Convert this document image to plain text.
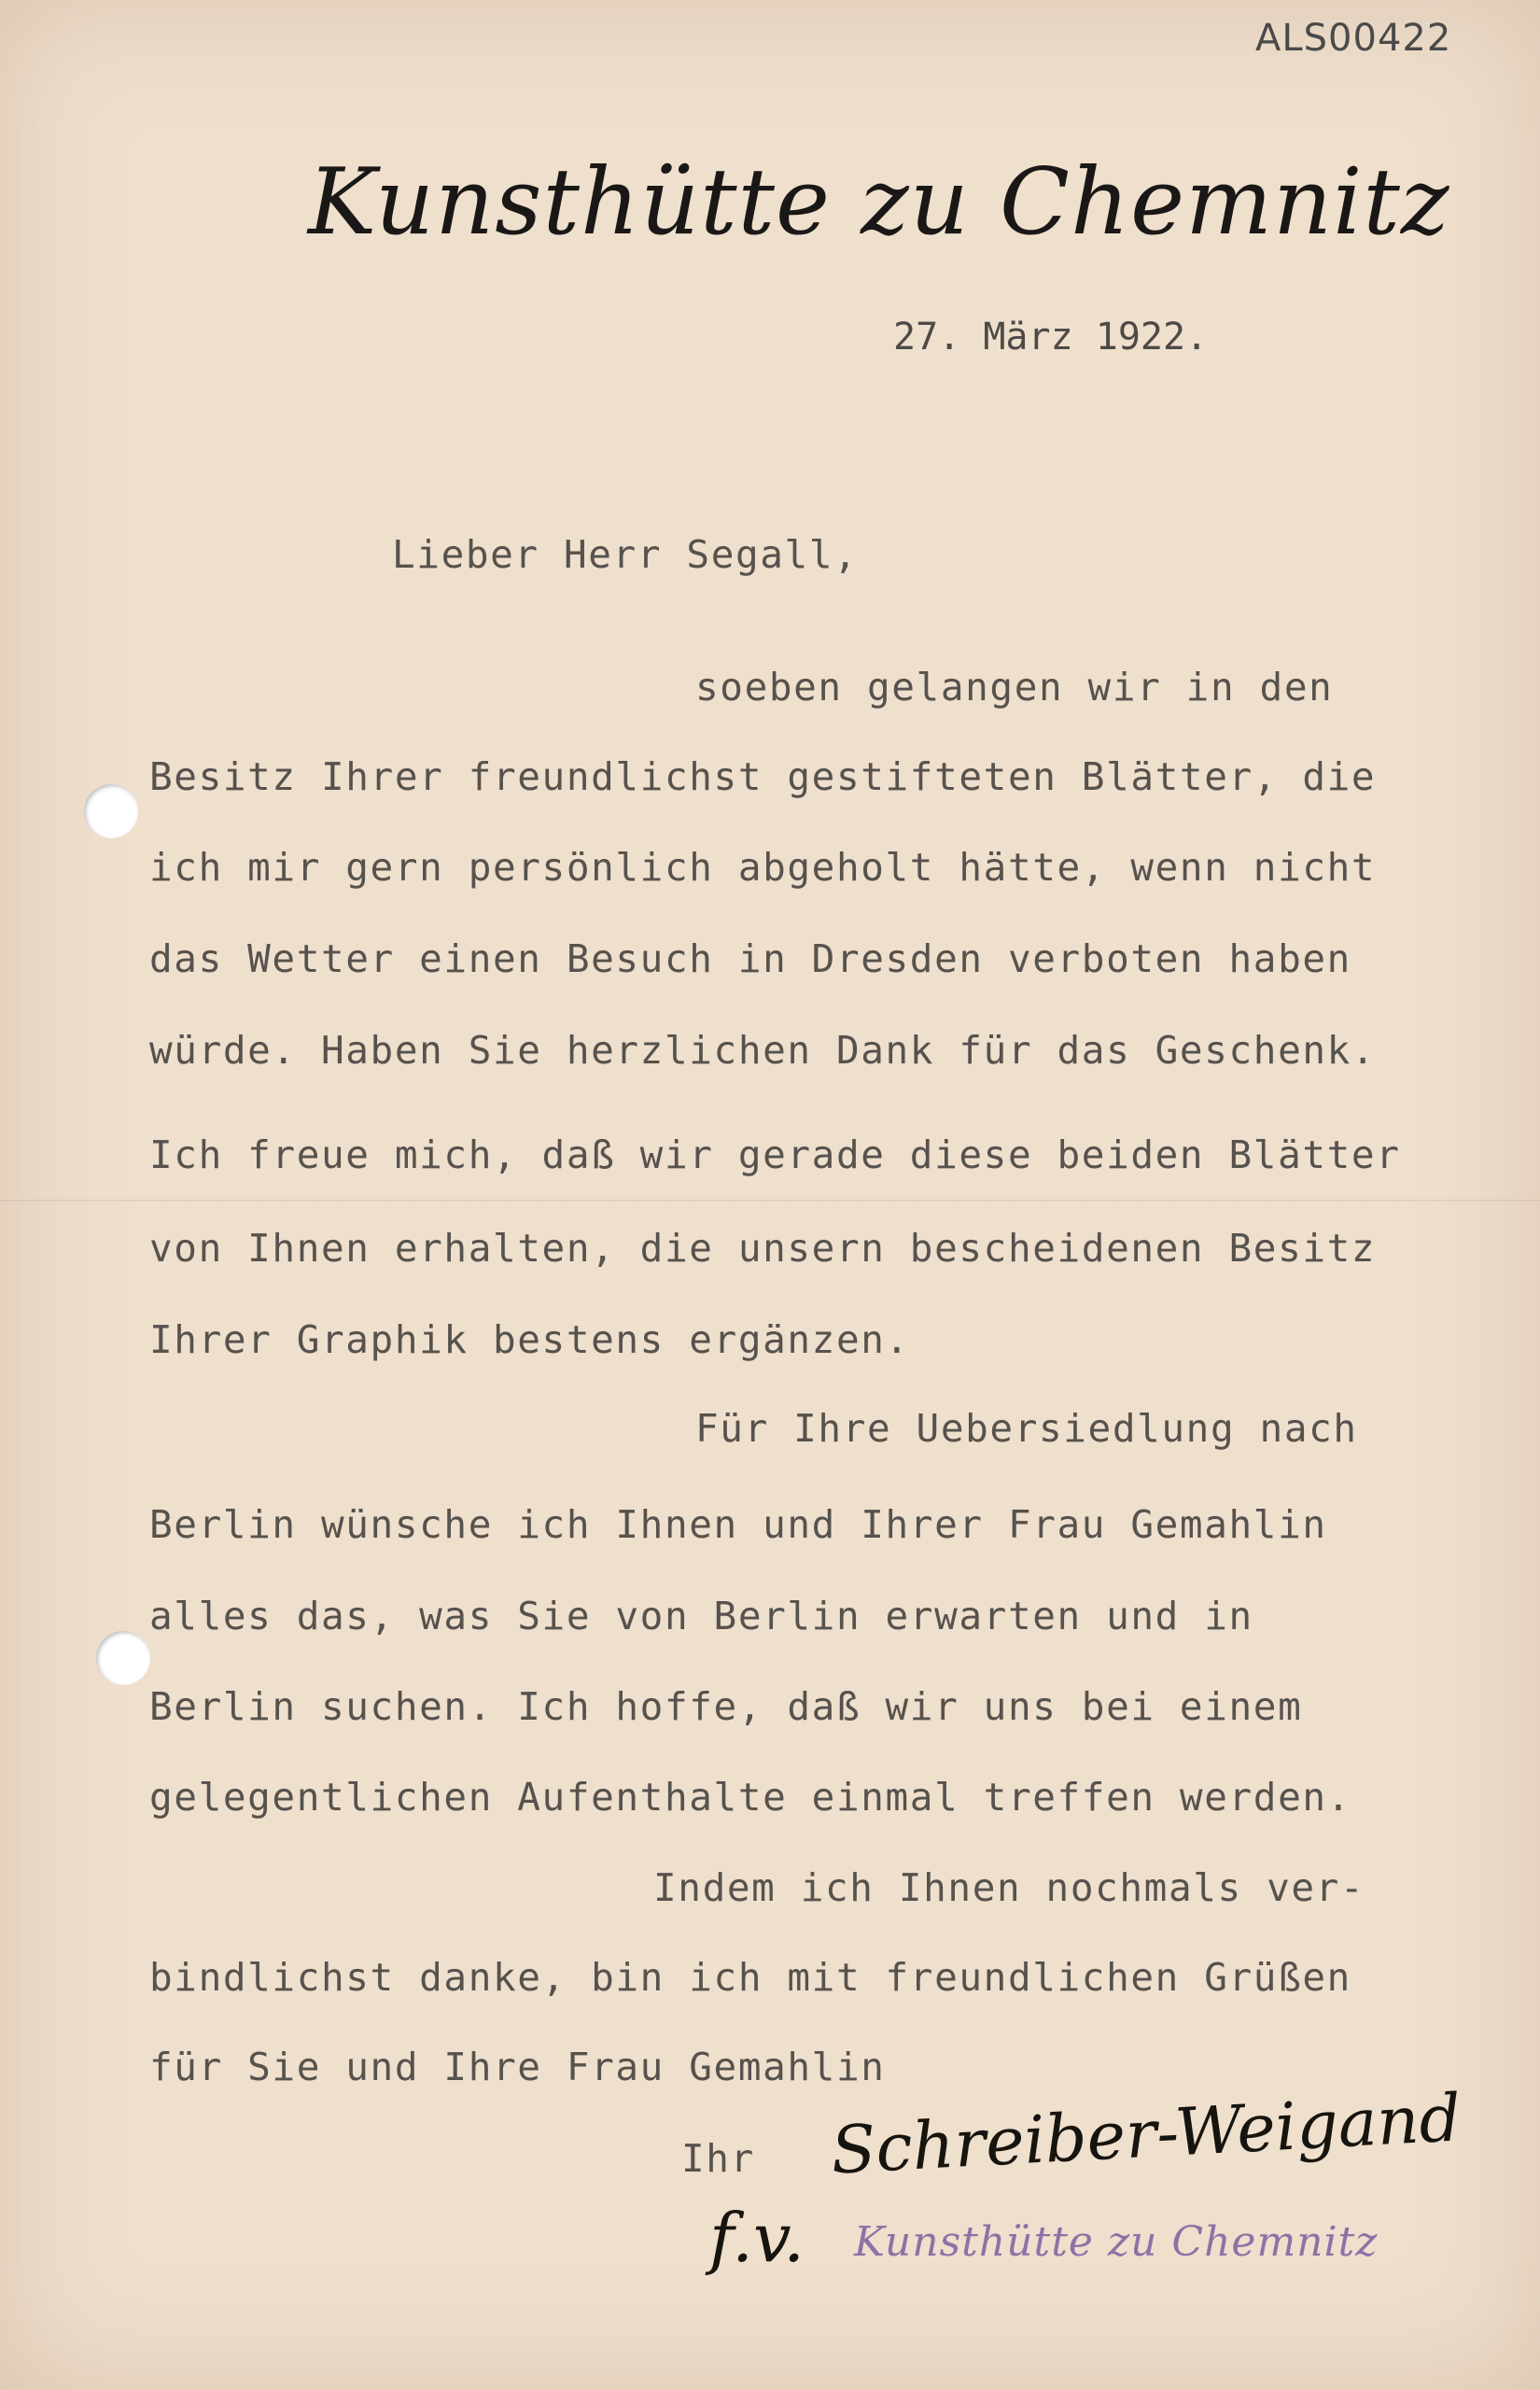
ALS00422
Kunsthütte zu Chemnitz
27. März 1922.
Lieber Herr Segall,
soeben gelangen wir in den
Besitz Ihrer freundlichst gestifteten Blätter, die
ich mir gern persönlich abgeholt hätte, wenn nicht
das Wetter einen Besuch in Dresden verboten haben
würde. Haben Sie herzlichen Dank für das Geschenk.
Ich freue mich, daß wir gerade diese beiden Blätter
von Ihnen erhalten, die unsern bescheidenen Besitz
Ihrer Graphik bestens ergänzen.
Für Ihre Uebersiedlung nach
Berlin wünsche ich Ihnen und Ihrer Frau Gemahlin
alles das, was Sie von Berlin erwarten und in
Berlin suchen. Ich hoffe, daß wir uns bei einem
gelegentlichen Aufenthalte einmal treffen werden.
Indem ich Ihnen nochmals ver-
bindlichst danke, bin ich mit freundlichen Grüßen
für Sie und Ihre Frau Gemahlin
Ihr Schreiber-Weigand
f.v. Kunsthütte zu Chemnitz
